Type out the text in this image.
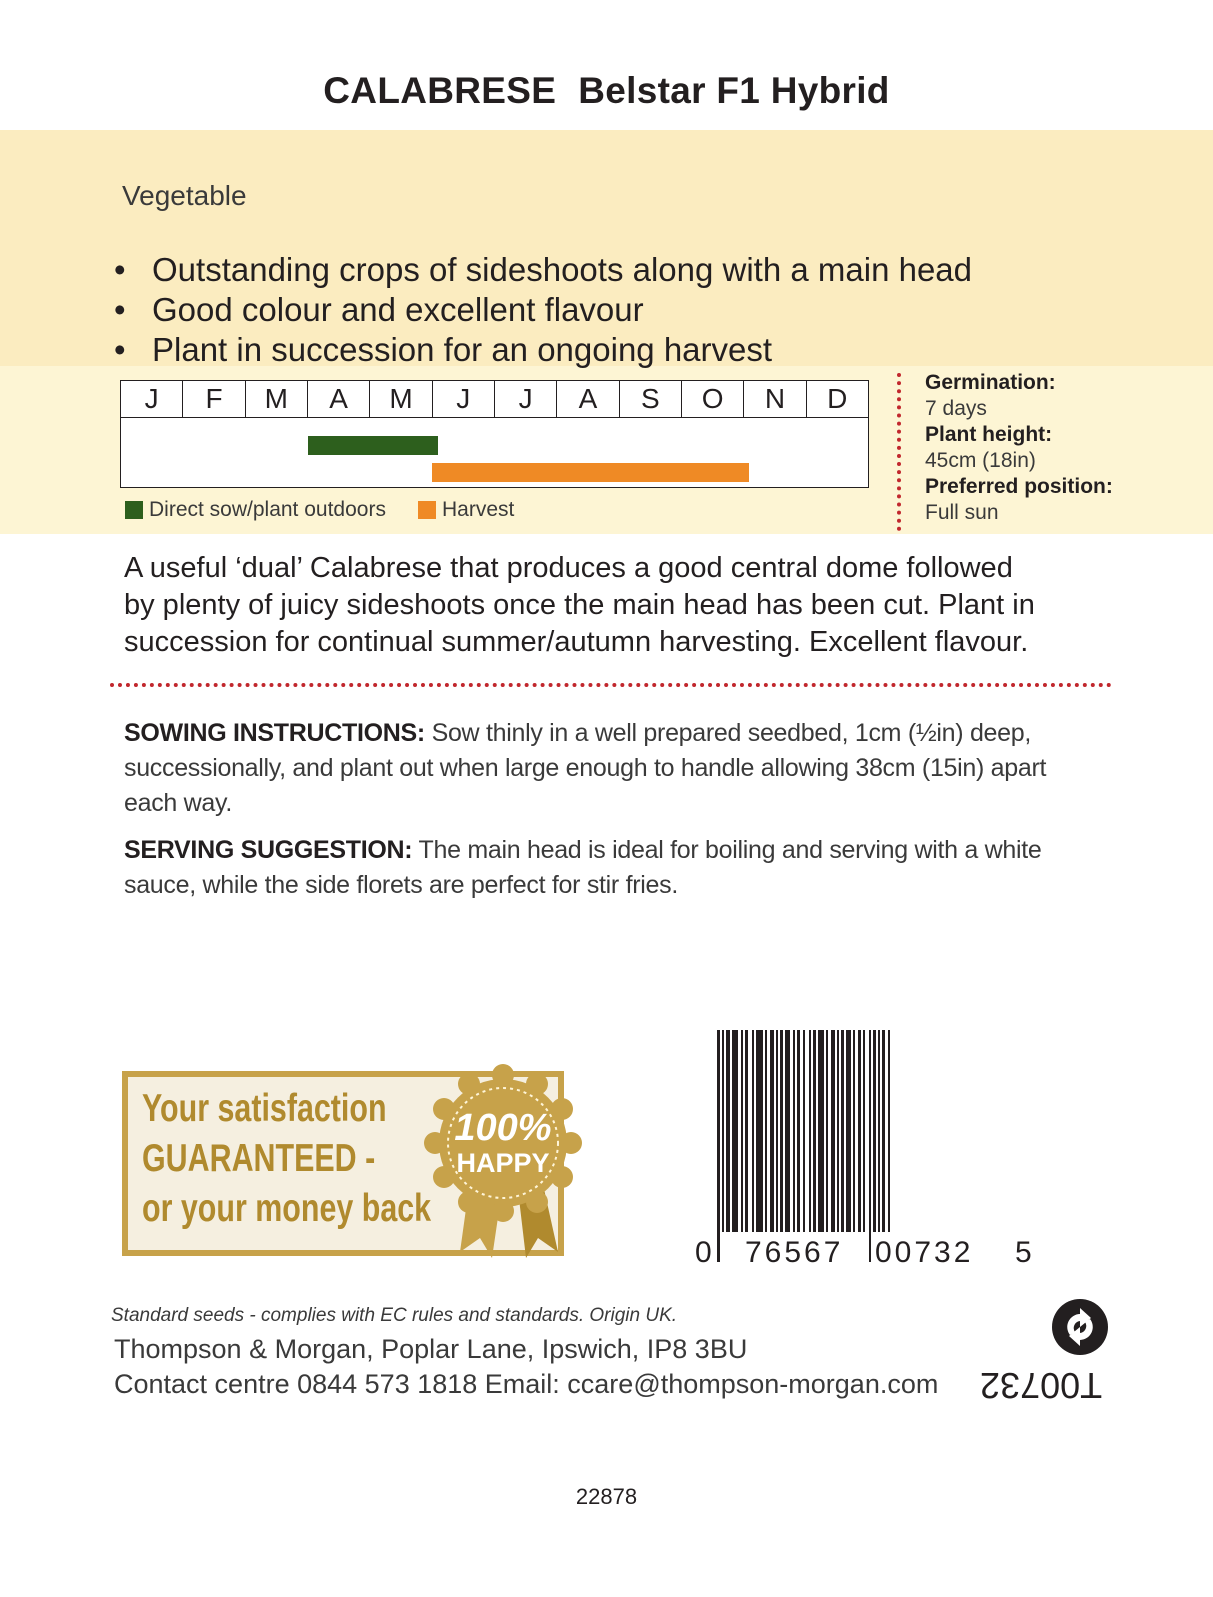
CALABRESE Belstar F1 Hybrid
Vegetable
• Outstanding crops of sideshoots along with a main head
• Good colour and excellent flavour
• Plant in succession for an ongoing harvest
J	F	M	A	M	J	J	A	S	O	N	D
Direct sow/plant outdoors	Harvest
Germination:
7 days
Plant height:
45cm (18in)
Preferred position:
Full sun
A useful ‘dual’ Calabrese that produces a good central dome followed
by plenty of juicy sideshoots once the main head has been cut. Plant in
succession for continual summer/autumn harvesting. Excellent flavour.
SOWING INSTRUCTIONS: Sow thinly in a well prepared seedbed, 1cm (½in) deep,
successionally, and plant out when large enough to handle allowing 38cm (15in) apart
each way.
SERVING SUGGESTION: The main head is ideal for boiling and serving with a white
sauce, while the side florets are perfect for stir fries.
Your satisfaction
GUARANTEED -
or your money back
100%
HAPPY
0 76567 00732 5
Standard seeds - complies with EC rules and standards. Origin UK.
Thompson & Morgan, Poplar Lane, Ipswich, IP8 3BU
Contact centre 0844 573 1818 Email: ccare@thompson-morgan.com T00732
22878
